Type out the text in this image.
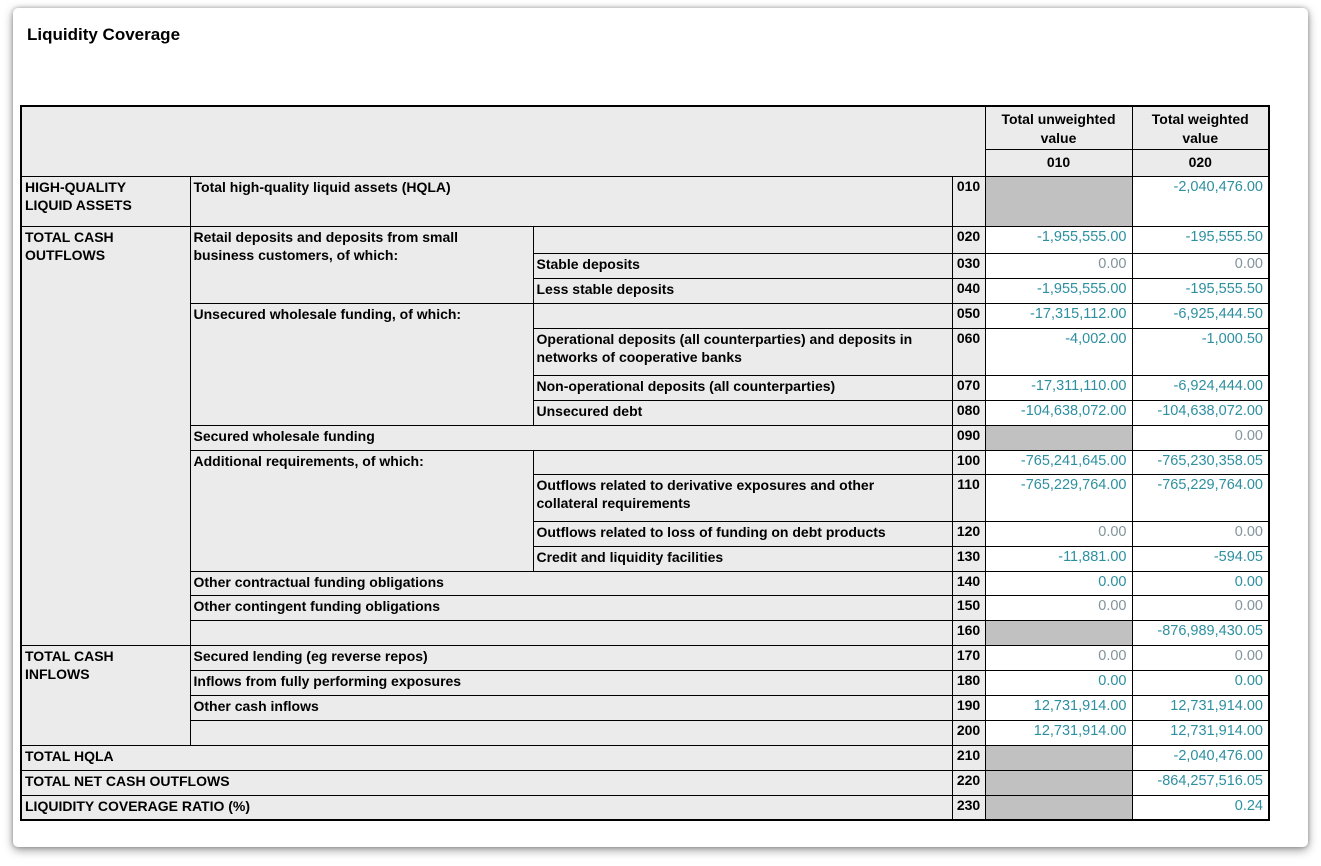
Liquidity Coverage
				Total unweighted value	Total weighted value
				010	020
HIGH-QUALITY LIQUID ASSETS	Total high-quality liquid assets (HQLA)		010		-2,040,476.00
TOTAL CASH OUTFLOWS	Retail deposits and deposits from small business customers, of which:		020	-1,955,555.00	-195,555.50
		Stable deposits	030	0.00	0.00
		Less stable deposits	040	-1,955,555.00	-195,555.50
	Unsecured wholesale funding, of which:		050	-17,315,112.00	-6,925,444.50
		Operational deposits (all counterparties) and deposits in networks of cooperative banks	060	-4,002.00	-1,000.50
		Non-operational deposits (all counterparties)	070	-17,311,110.00	-6,924,444.00
		Unsecured debt	080	-104,638,072.00	-104,638,072.00
	Secured wholesale funding		090		0.00
	Additional requirements, of which:		100	-765,241,645.00	-765,230,358.05
		Outflows related to derivative exposures and other collateral requirements	110	-765,229,764.00	-765,229,764.00
		Outflows related to loss of funding on debt products	120	0.00	0.00
		Credit and liquidity facilities	130	-11,881.00	-594.05
	Other contractual funding obligations		140	0.00	0.00
	Other contingent funding obligations		150	0.00	0.00
			160		-876,989,430.05
TOTAL CASH INFLOWS	Secured lending (eg reverse repos)		170	0.00	0.00
	Inflows from fully performing exposures		180	0.00	0.00
	Other cash inflows		190	12,731,914.00	12,731,914.00
			200	12,731,914.00	12,731,914.00
TOTAL HQLA			210		-2,040,476.00
TOTAL NET CASH OUTFLOWS			220		-864,257,516.05
LIQUIDITY COVERAGE RATIO (%)			230		0.24
